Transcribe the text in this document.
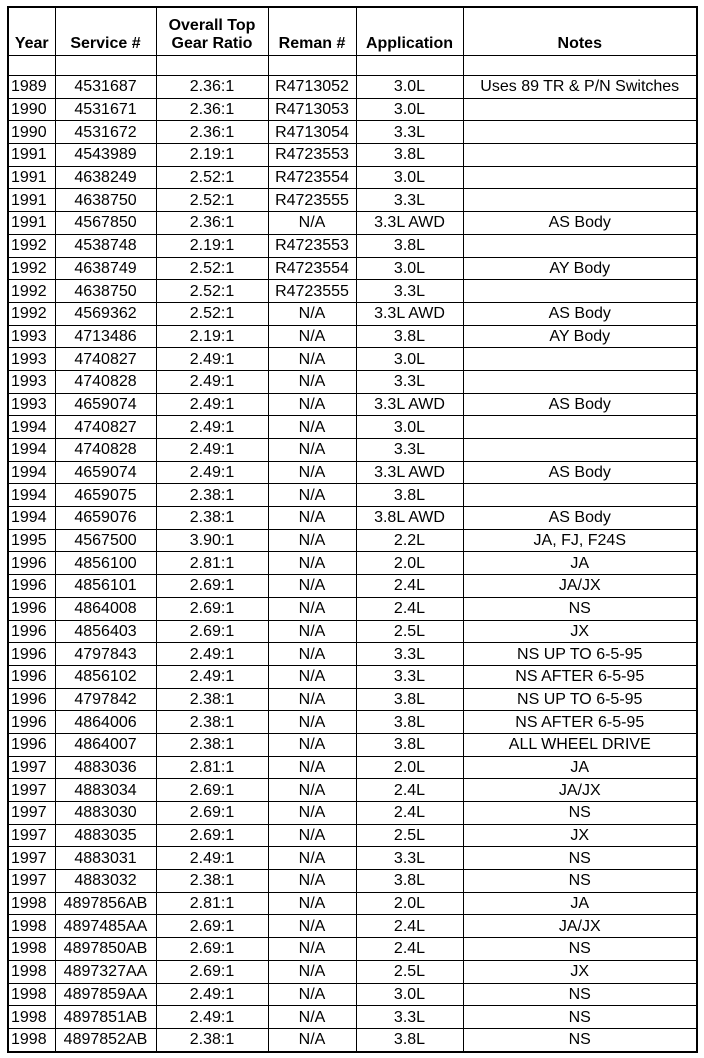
Year	Service #	Overall Top Gear Ratio	Reman #	Application	Notes

1989	4531687	2.36:1	R4713052	3.0L	Uses 89 TR & P/N Switches
1990	4531671	2.36:1	R4713053	3.0L	
1990	4531672	2.36:1	R4713054	3.3L	
1991	4543989	2.19:1	R4723553	3.8L	
1991	4638249	2.52:1	R4723554	3.0L	
1991	4638750	2.52:1	R4723555	3.3L	
1991	4567850	2.36:1	N/A	3.3L AWD	AS Body
1992	4538748	2.19:1	R4723553	3.8L	
1992	4638749	2.52:1	R4723554	3.0L	AY Body
1992	4638750	2.52:1	R4723555	3.3L	
1992	4569362	2.52:1	N/A	3.3L AWD	AS Body
1993	4713486	2.19:1	N/A	3.8L	AY Body
1993	4740827	2.49:1	N/A	3.0L	
1993	4740828	2.49:1	N/A	3.3L	
1993	4659074	2.49:1	N/A	3.3L AWD	AS Body
1994	4740827	2.49:1	N/A	3.0L	
1994	4740828	2.49:1	N/A	3.3L	
1994	4659074	2.49:1	N/A	3.3L AWD	AS Body
1994	4659075	2.38:1	N/A	3.8L	
1994	4659076	2.38:1	N/A	3.8L AWD	AS Body
1995	4567500	3.90:1	N/A	2.2L	JA, FJ, F24S
1996	4856100	2.81:1	N/A	2.0L	JA
1996	4856101	2.69:1	N/A	2.4L	JA/JX
1996	4864008	2.69:1	N/A	2.4L	NS
1996	4856403	2.69:1	N/A	2.5L	JX
1996	4797843	2.49:1	N/A	3.3L	NS UP TO 6-5-95
1996	4856102	2.49:1	N/A	3.3L	NS AFTER 6-5-95
1996	4797842	2.38:1	N/A	3.8L	NS UP TO 6-5-95
1996	4864006	2.38:1	N/A	3.8L	NS AFTER 6-5-95
1996	4864007	2.38:1	N/A	3.8L	ALL WHEEL DRIVE
1997	4883036	2.81:1	N/A	2.0L	JA
1997	4883034	2.69:1	N/A	2.4L	JA/JX
1997	4883030	2.69:1	N/A	2.4L	NS
1997	4883035	2.69:1	N/A	2.5L	JX
1997	4883031	2.49:1	N/A	3.3L	NS
1997	4883032	2.38:1	N/A	3.8L	NS
1998	4897856AB	2.81:1	N/A	2.0L	JA
1998	4897485AA	2.69:1	N/A	2.4L	JA/JX
1998	4897850AB	2.69:1	N/A	2.4L	NS
1998	4897327AA	2.69:1	N/A	2.5L	JX
1998	4897859AA	2.49:1	N/A	3.0L	NS
1998	4897851AB	2.49:1	N/A	3.3L	NS
1998	4897852AB	2.38:1	N/A	3.8L	NS
